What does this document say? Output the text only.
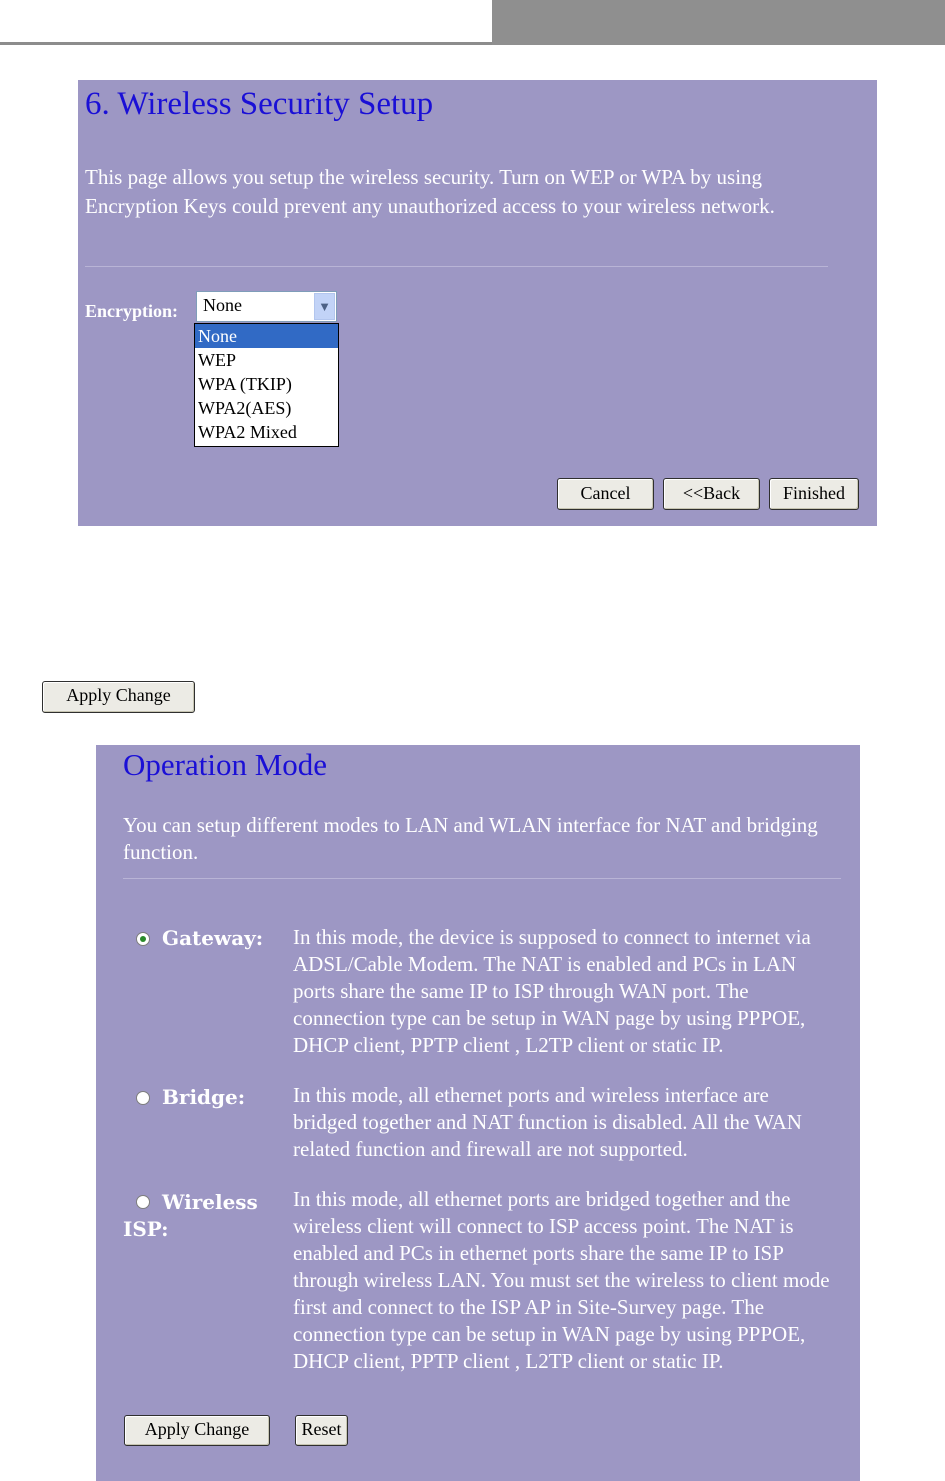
6. Wireless Security Setup
This page allows you setup the wireless security. Turn on WEP or WPA by using Encryption Keys could prevent any unauthorized access to your wireless network.
Encryption: None	▼
None
WEP
WPA (TKIP)
WPA2(AES)
WPA2 Mixed
Cancel	<<Back	Finished
Apply Change
Operation Mode
You can setup different modes to LAN and WLAN interface for NAT and bridging function.
Gateway: In this mode, the device is supposed to connect to internet via ADSL/Cable Modem. The NAT is enabled and PCs in LAN ports share the same IP to ISP through WAN port. The connection type can be setup in WAN page by using PPPOE, DHCP client, PPTP client , L2TP client or static IP.
Bridge: In this mode, all ethernet ports and wireless interface are bridged together and NAT function is disabled. All the WAN related function and firewall are not supported.
Wireless
ISP:
In this mode, all ethernet ports are bridged together and the wireless client will connect to ISP access point. The NAT is enabled and PCs in ethernet ports share the same IP to ISP through wireless LAN. You must set the wireless to client mode first and connect to the ISP AP in Site-Survey page. The connection type can be setup in WAN page by using PPPOE, DHCP client, PPTP client , L2TP client or static IP.
Apply Change	Reset
